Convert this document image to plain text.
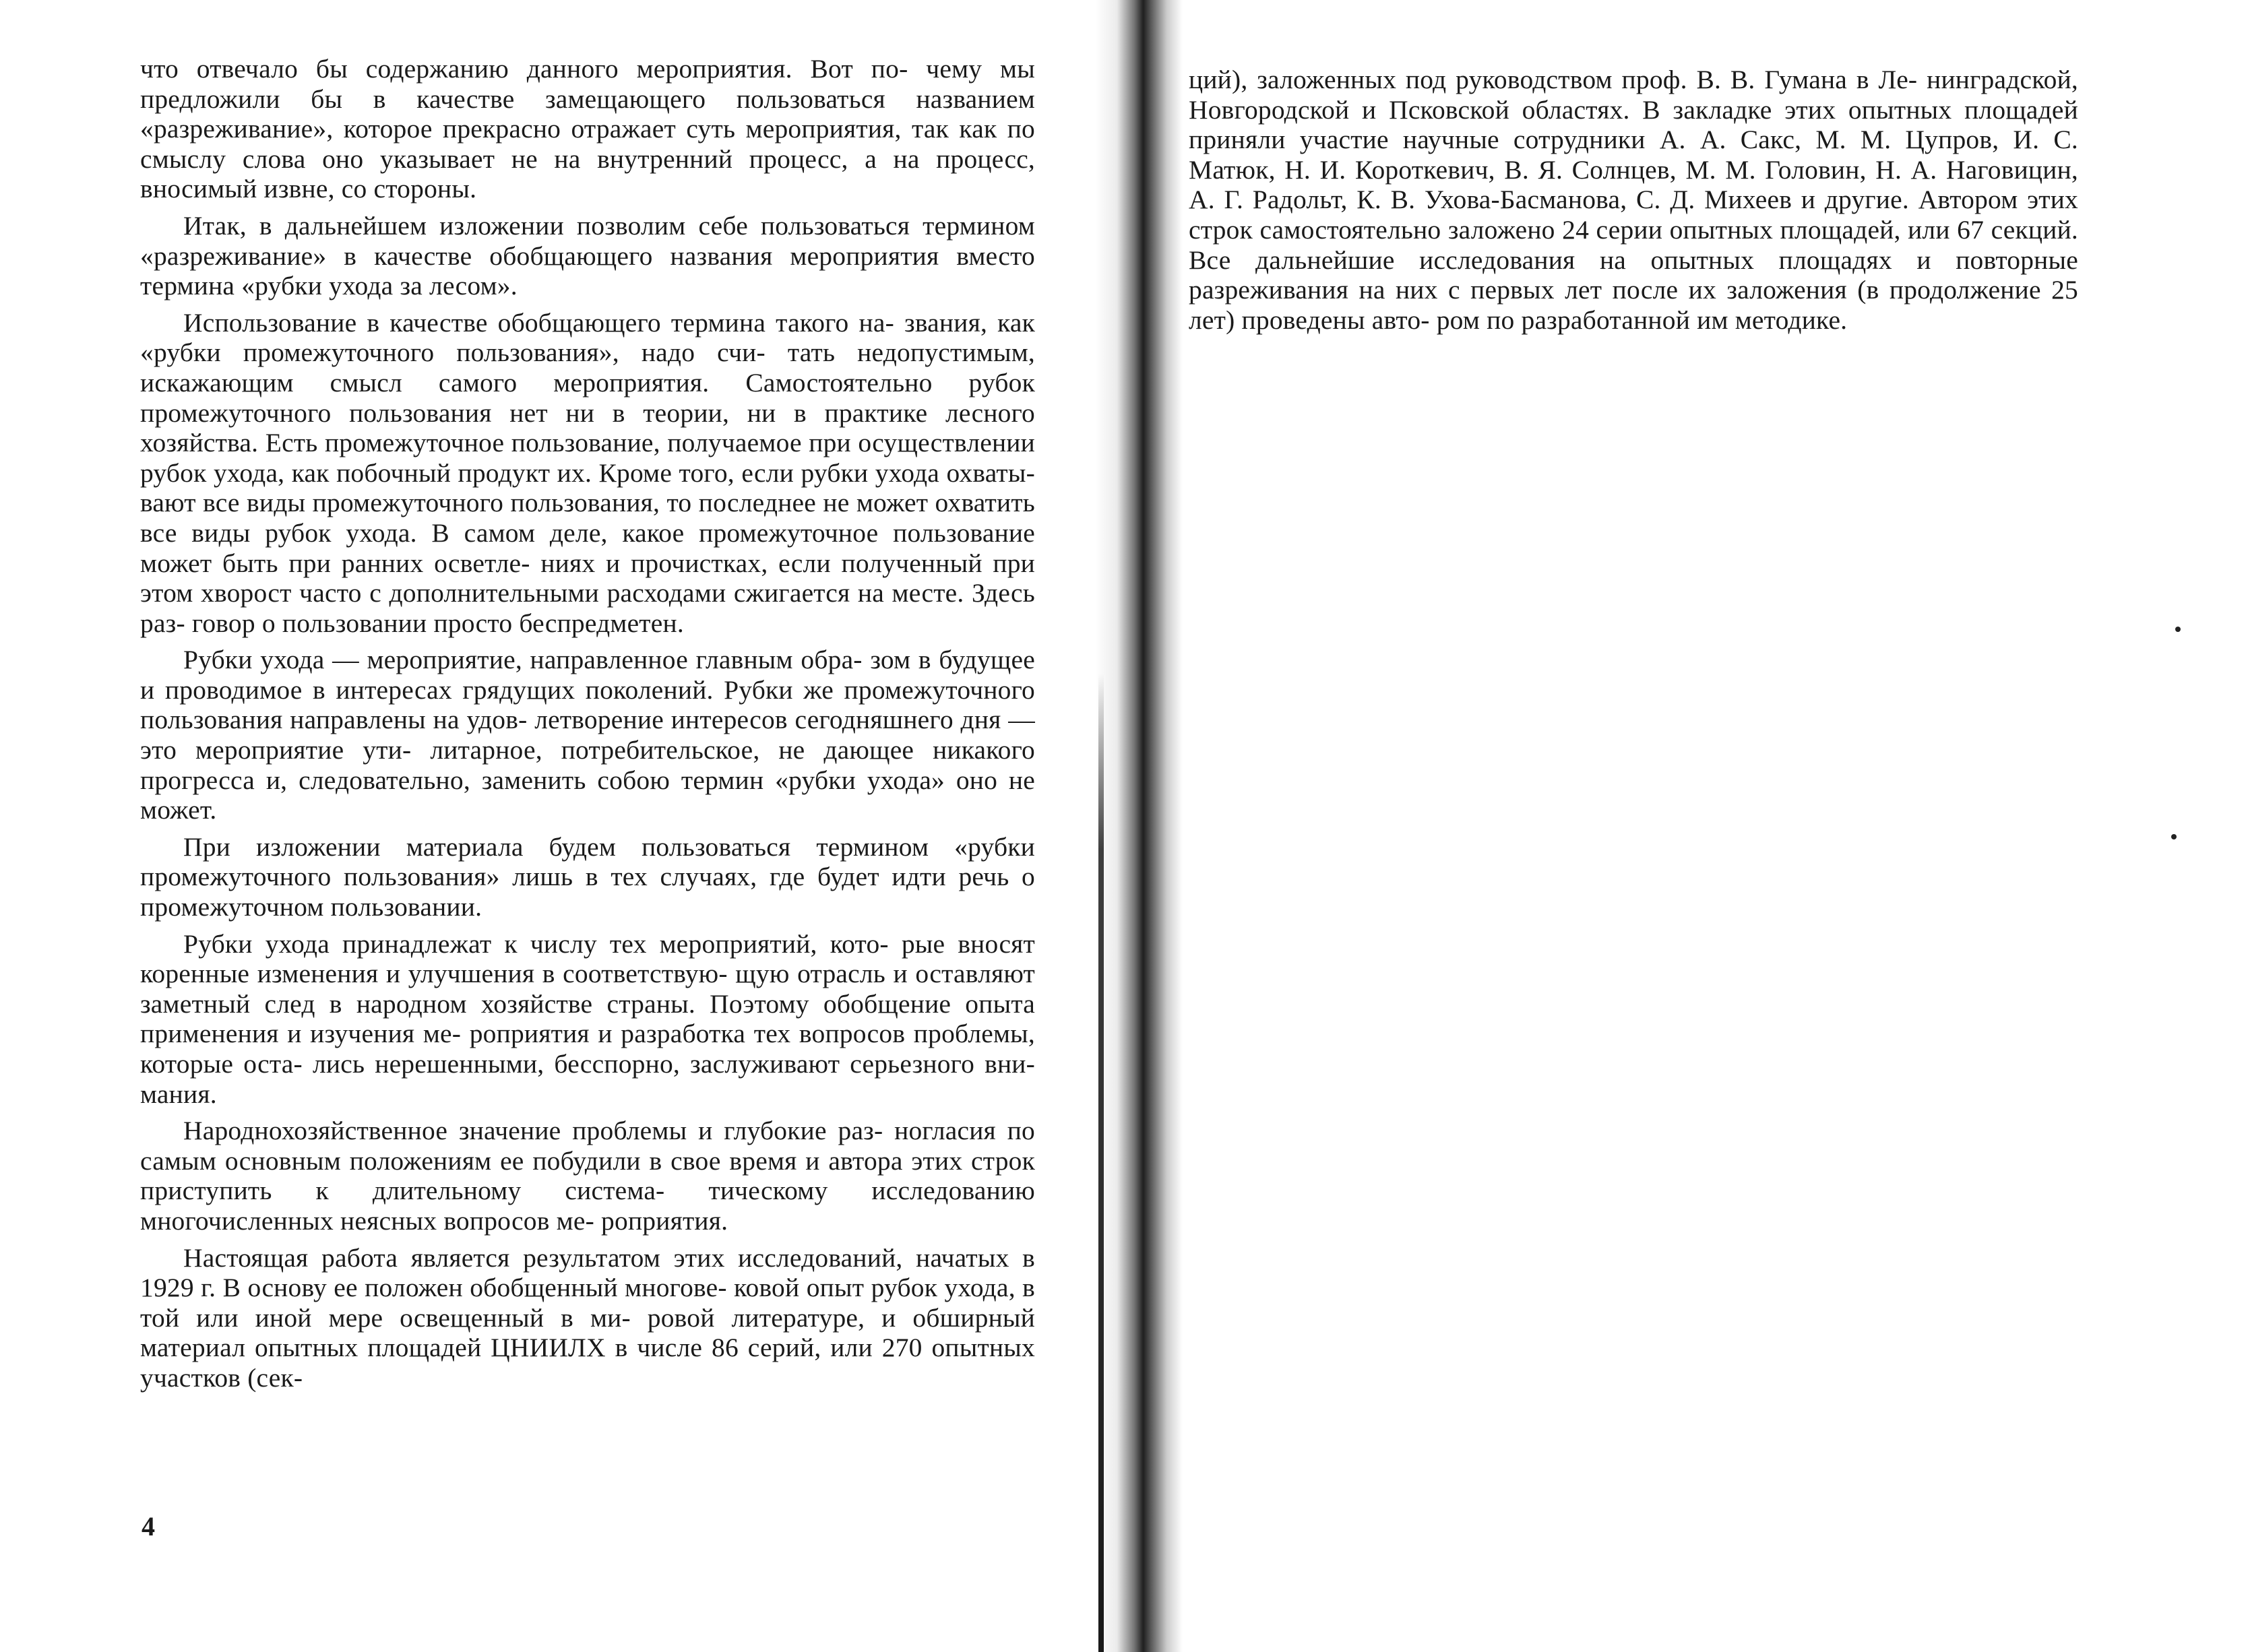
что отвечало бы содержанию данного мероприятия. Вот по- чему мы предложили бы в качестве замещающего пользоваться названием «разреживание», которое прекрасно отражает суть мероприятия, так как по смыслу слова оно указывает не на внутренний процесс, а на процесс, вносимый извне, со стороны.
Итак, в дальнейшем изложении позволим себе пользоваться термином «разреживание» в качестве обобщающего названия мероприятия вместо термина «рубки ухода за лесом».
Использование в качестве обобщающего термина такого на- звания, как «рубки промежуточного пользования», надо счи- тать недопустимым, искажающим смысл самого мероприятия. Самостоятельно рубок промежуточного пользования нет ни в теории, ни в практике лесного хозяйства. Есть промежуточное пользование, получаемое при осуществлении рубок ухода, как побочный продукт их. Кроме того, если рубки ухода охваты- вают все виды промежуточного пользования, то последнее не может охватить все виды рубок ухода. В самом деле, какое промежуточное пользование может быть при ранних осветле- ниях и прочистках, если полученный при этом хворост часто с дополнительными расходами сжигается на месте. Здесь раз- говор о пользовании просто беспредметен.
Рубки ухода — мероприятие, направленное главным обра- зом в будущее и проводимое в интересах грядущих поколений. Рубки же промежуточного пользования направлены на удов- летворение интересов сегодняшнего дня — это мероприятие ути- литарное, потребительское, не дающее никакого прогресса и, следовательно, заменить собою термин «рубки ухода» оно не может.
При изложении материала будем пользоваться термином «рубки промежуточного пользования» лишь в тех случаях, где будет идти речь о промежуточном пользовании.
Рубки ухода принадлежат к числу тех мероприятий, кото- рые вносят коренные изменения и улучшения в соответствую- щую отрасль и оставляют заметный след в народном хозяйстве страны. Поэтому обобщение опыта применения и изучения ме- роприятия и разработка тех вопросов проблемы, которые оста- лись нерешенными, бесспорно, заслуживают серьезного вни- мания.
Народнохозяйственное значение проблемы и глубокие раз- ногласия по самым основным положениям ее побудили в свое время и автора этих строк приступить к длительному система- тическому исследованию многочисленных неясных вопросов ме- роприятия.
Настоящая работа является результатом этих исследований, начатых в 1929 г. В основу ее положен обобщенный многове- ковой опыт рубок ухода, в той или иной мере освещенный в ми- ровой литературе, и обширный материал опытных площадей ЦНИИЛХ в числе 86 серий, или 270 опытных участков (сек-
ций), заложенных под руководством проф. В. В. Гумана в Ле- нинградской, Новгородской и Псковской областях. В закладке этих опытных площадей приняли участие научные сотрудники А. А. Сакс, М. М. Цупров, И. С. Матюк, Н. И. Короткевич, В. Я. Солнцев, М. М. Головин, Н. А. Наговицин, А. Г. Радольт, К. В. Ухова-Басманова, С. Д. Михеев и другие. Автором этих строк самостоятельно заложено 24 серии опытных площадей, или 67 секций. Все дальнейшие исследования на опытных площадях и повторные разреживания на них с первых лет после их заложения (в продолжение 25 лет) проведены авто- ром по разработанной им методике.
4
